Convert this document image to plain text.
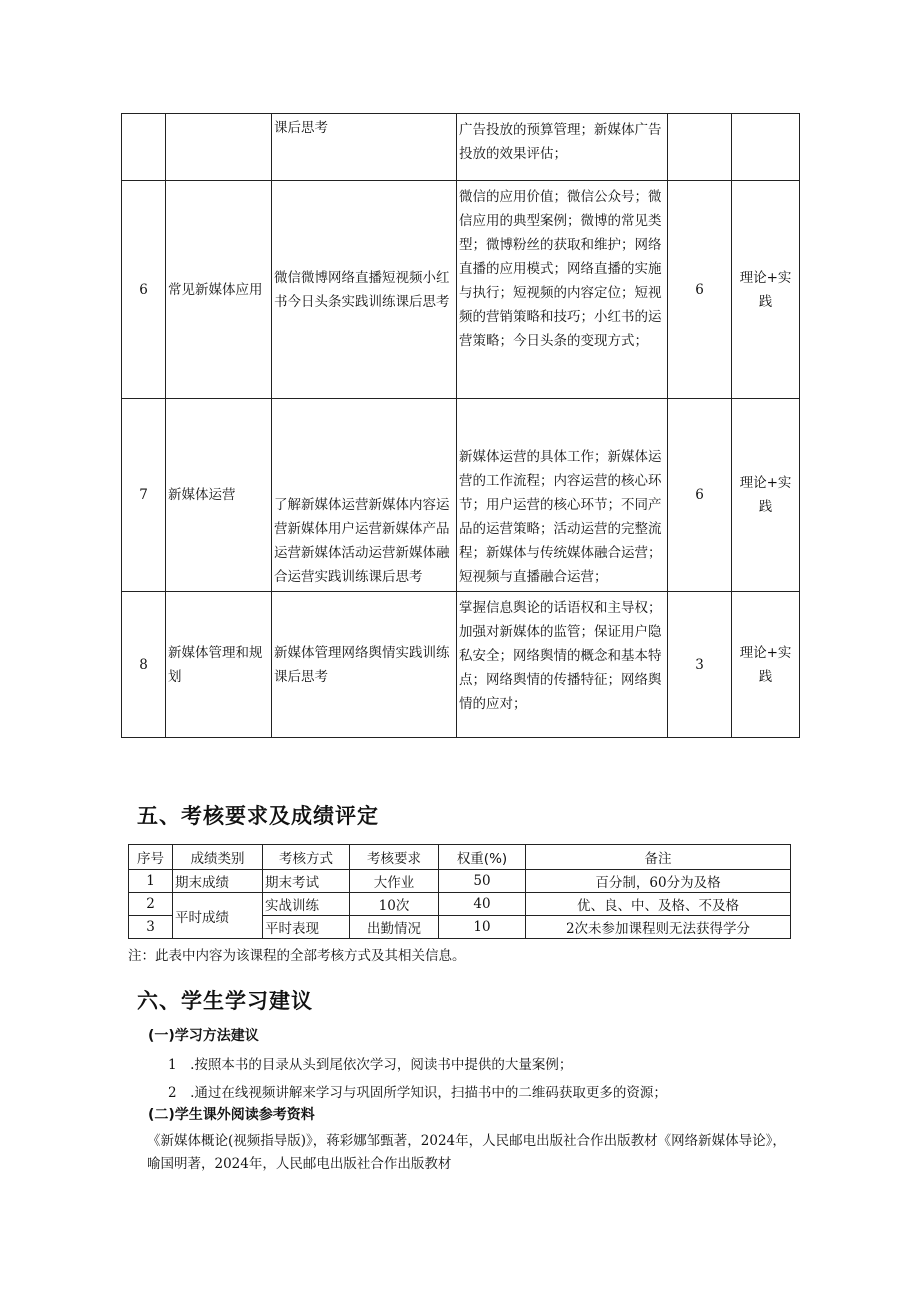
		课后思考	广告投放的预算管理；新媒体广告投放的效果评估；		
6	常见新媒体应用	微信微博网络直播短视频小红书今日头条实践训练课后思考	微信的应用价值；微信公众号；微信应用的典型案例；微博的常见类型；微博粉丝的获取和维护；网络直播的应用模式；网络直播的实施与执行；短视频的内容定位；短视频的营销策略和技巧；小红书的运营策略；今日头条的变现方式；	6	理论+实践
7	新媒体运营	了解新媒体运营新媒体内容运营新媒体用户运营新媒体产品运营新媒体活动运营新媒体融合运营实践训练课后思考	新媒体运营的具体工作；新媒体运营的工作流程；内容运营的核心环节；用户运营的核心环节；不同产品的运营策略；活动运营的完整流程；新媒体与传统媒体融合运营；短视频与直播融合运营；	6	理论+实践
8	新媒体管理和规划	新媒体管理网络舆情实践训练课后思考	掌握信息舆论的话语权和主导权；加强对新媒体的监管；保证用户隐私安全；网络舆情的概念和基本特点；网络舆情的传播特征；网络舆情的应对；	3	理论+实践
五、考核要求及成绩评定
序号	成绩类别	考核方式	考核要求	权重(%)	备注
1	期末成绩	期末考试	大作业	50	百分制，60分为及格
2	平时成绩	实战训练	10次	40	优、良、中、及格、不及格
3		平时表现	出勤情况	10	2次未参加课程则无法获得学分
注：此表中内容为该课程的全部考核方式及其相关信息。
六、学生学习建议
(一)学习方法建议
1　.按照本书的目录从头到尾依次学习，阅读书中提供的大量案例；
2　.通过在线视频讲解来学习与巩固所学知识，扫描书中的二维码获取更多的资源；
(二)学生课外阅读参考资料
《新媒体概论(视频指导版)》，蒋彩娜邹甄著，2024年，人民邮电出版社合作出版教材《网络新媒体导论》，喻国明著，2024年，人民邮电出版社合作出版教材
